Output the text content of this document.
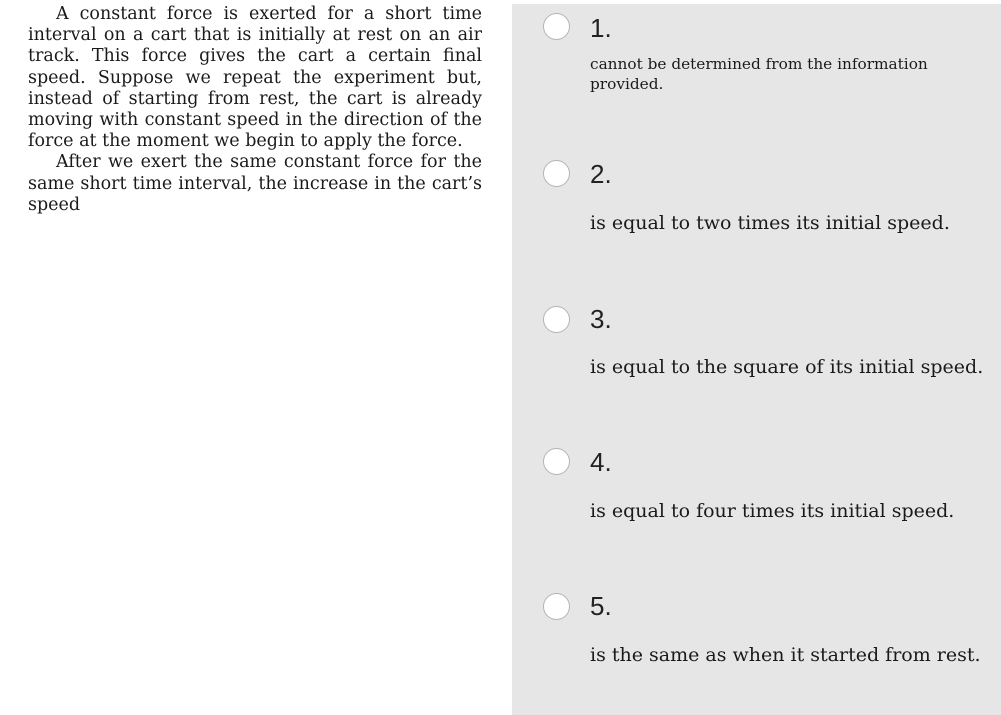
A constant force is exerted for a short time interval on a cart that is initially at rest on an air track. This force gives the cart a certain final speed. Suppose we repeat the experiment but, instead of starting from rest, the cart is already moving with constant speed in the direction of the force at the moment we begin to apply the force.

After we exert the same constant force for the same short time interval, the increase in the cart’s speed

1.
cannot be determined from the information provided.
2.
is equal to two times its initial speed.
3.
is equal to the square of its initial speed.
4.
is equal to four times its initial speed.
5.
is the same as when it started from rest.
